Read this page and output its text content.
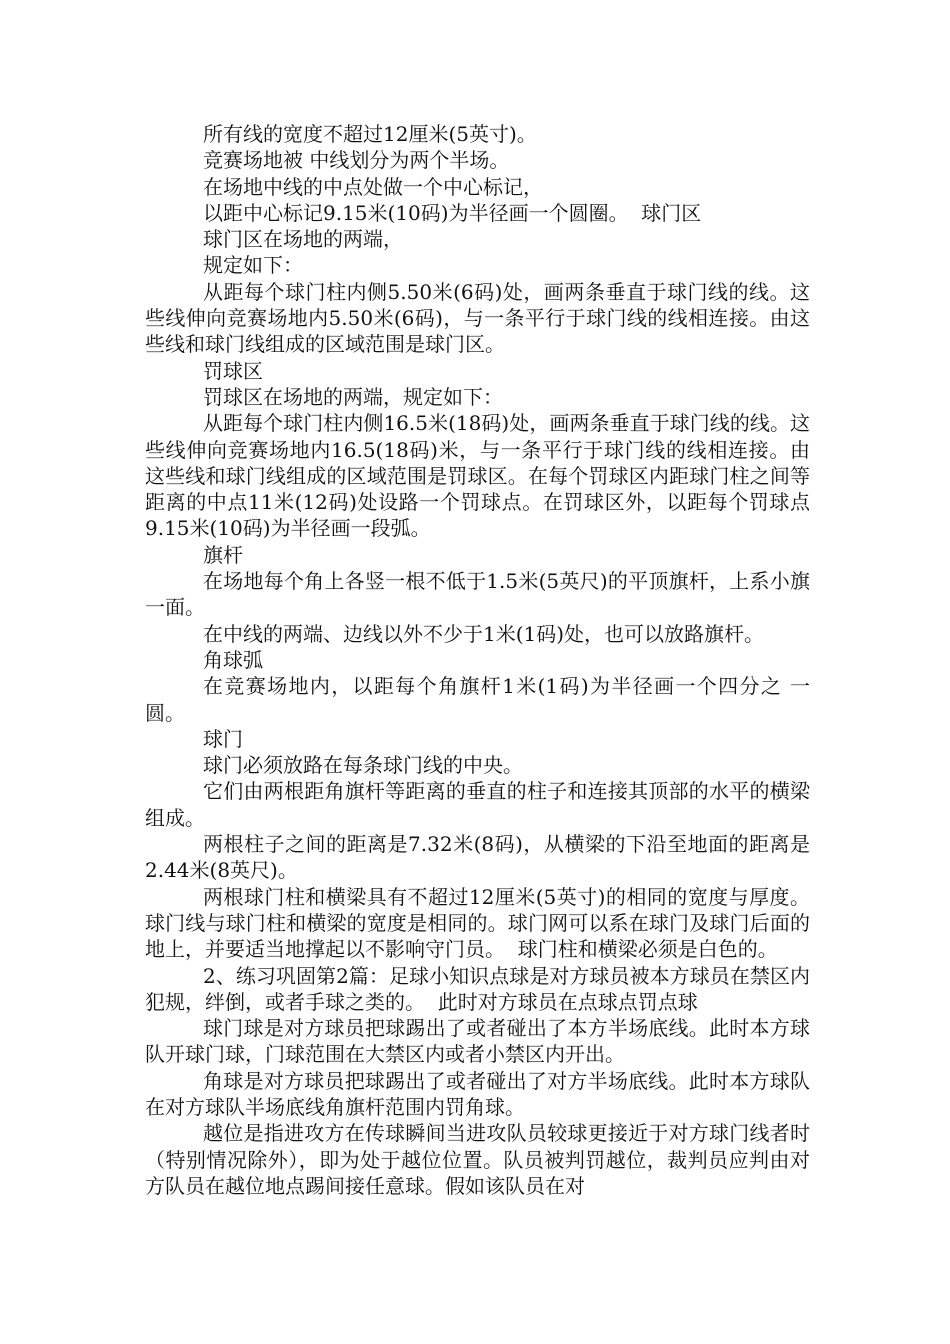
所有线的宽度不超过12厘米(5英寸)。

竞赛场地被 中线划分为两个半场。

在场地中线的中点处做一个中心标记，

以距中心标记9.15米(10码)为半径画一个圆圈。  球门区

球门区在场地的两端，

规定如下：

从距每个球门柱内侧5.50米(6码)处，画两条垂直于球门线的线。这些线伸向竞赛场地内5.50米(6码)，与一条平行于球门线的线相连接。由这些线和球门线组成的区域范围是球门区。

罚球区

罚球区在场地的两端，规定如下：

从距每个球门柱内侧16.5米(18码)处，画两条垂直于球门线的线。这些线伸向竞赛场地内16.5(18码)米，与一条平行于球门线的线相连接。由这些线和球门线组成的区域范围是罚球区。在每个罚球区内距球门柱之间等距离的中点11米(12码)处设路一个罚球点。在罚球区外，以距每个罚球点9.15米(10码)为半径画一段弧。

旗杆

在场地每个角上各竖一根不低于1.5米(5英尺)的平顶旗杆，上系小旗一面。

在中线的两端、边线以外不少于1米(1码)处，也可以放路旗杆。

角球弧

在竞赛场地内，以距每个角旗杆1米(1码)为半径画一个四分之 一圆。

球门

球门必须放路在每条球门线的中央。

它们由两根距角旗杆等距离的垂直的柱子和连接其顶部的水平的横梁组成。

两根柱子之间的距离是7.32米(8码)，从横梁的下沿至地面的距离是2.44米(8英尺)。

两根球门柱和横梁具有不超过12厘米(5英寸)的相同的宽度与厚度。球门线与球门柱和横梁的宽度是相同的。球门网可以系在球门及球门后面的地上，并要适当地撑起以不影响守门员。  球门柱和横梁必须是白色的。

2、练习巩固第2篇：足球小知识点球是对方球员被本方球员在禁区内犯规，绊倒，或者手球之类的。  此时对方球员在点球点罚点球

球门球是对方球员把球踢出了或者碰出了本方半场底线。此时本方球队开球门球，门球范围在大禁区内或者小禁区内开出。

角球是对方球员把球踢出了或者碰出了对方半场底线。此时本方球队在对方球队半场底线角旗杆范围内罚角球。

越位是指进攻方在传球瞬间当进攻队员较球更接近于对方球门线者时（特别情况除外），即为处于越位位置。队员被判罚越位，裁判员应判由对方队员在越位地点踢间接任意球。假如该队员在对
